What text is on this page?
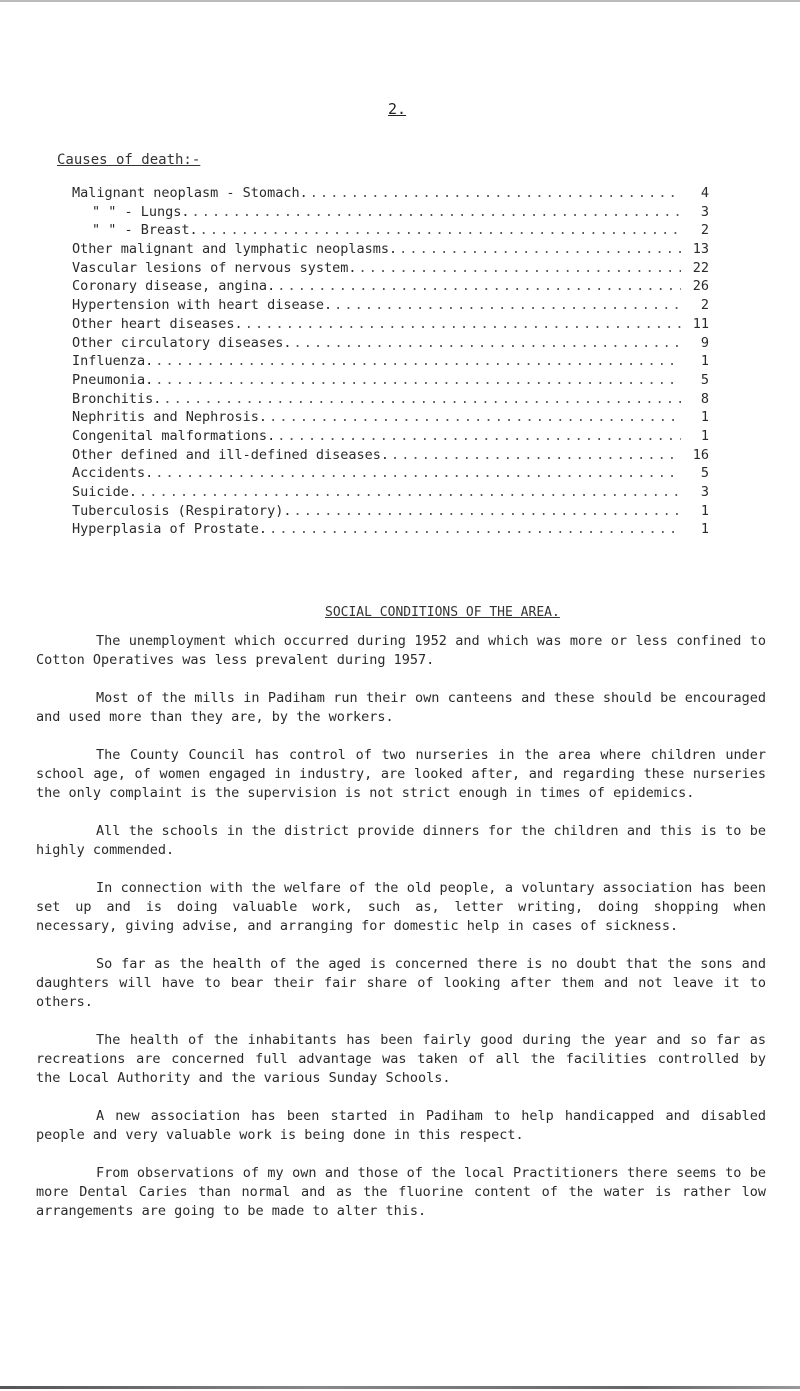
2.
Causes of death:-
Malignant neoplasm - Stomach. . . .	4
" " - Lungs. . . .	3
" " - Breast. . . .	2
Other malignant and lymphatic neoplasms. . . .	13
Vascular lesions of nervous system. . . .	22
Coronary disease, angina. . . .	26
Hypertension with heart disease. . . .	2
Other heart diseases. . . .	11
Other circulatory diseases. . . .	9
Influenza. . . .	1
Pneumonia. . . .	5
Bronchitis. . . .	8
Nephritis and Nephrosis. . . .	1
Congenital malformations. . . .	1
Other defined and ill-defined diseases. . . .	16
Accidents. . . .	5
Suicide. . . .	3
Tuberculosis (Respiratory). . . .	1
Hyperplasia of Prostate. . . .	1
SOCIAL CONDITIONS OF THE AREA.

The unemployment which occurred during 1952 and which was more or less confined to Cotton Operatives was less prevalent during 1957.

Most of the mills in Padiham run their own canteens and these should be encouraged and used more than they are, by the workers.

The County Council has control of two nurseries in the area where children under school age, of women engaged in industry, are looked after, and regarding these nurseries the only complaint is the supervision is not strict enough in times of epidemics.

All the schools in the district provide dinners for the children and this is to be highly commended.

In connection with the welfare of the old people, a voluntary association has been set up and is doing valuable work, such as, letter writing, doing shopping when necessary, giving advise, and arranging for domestic help in cases of sickness.

So far as the health of the aged is concerned there is no doubt that the sons and daughters will have to bear their fair share of looking after them and not leave it to others.

The health of the inhabitants has been fairly good during the year and so far as recreations are concerned full advantage was taken of all the facilities controlled by the Local Authority and the various Sunday Schools.

A new association has been started in Padiham to help handicapped and disabled people and very valuable work is being done in this respect.

From observations of my own and those of the local Practitioners there seems to be more Dental Caries than normal and as the fluorine content of the water is rather low arrangements are going to be made to alter this.
